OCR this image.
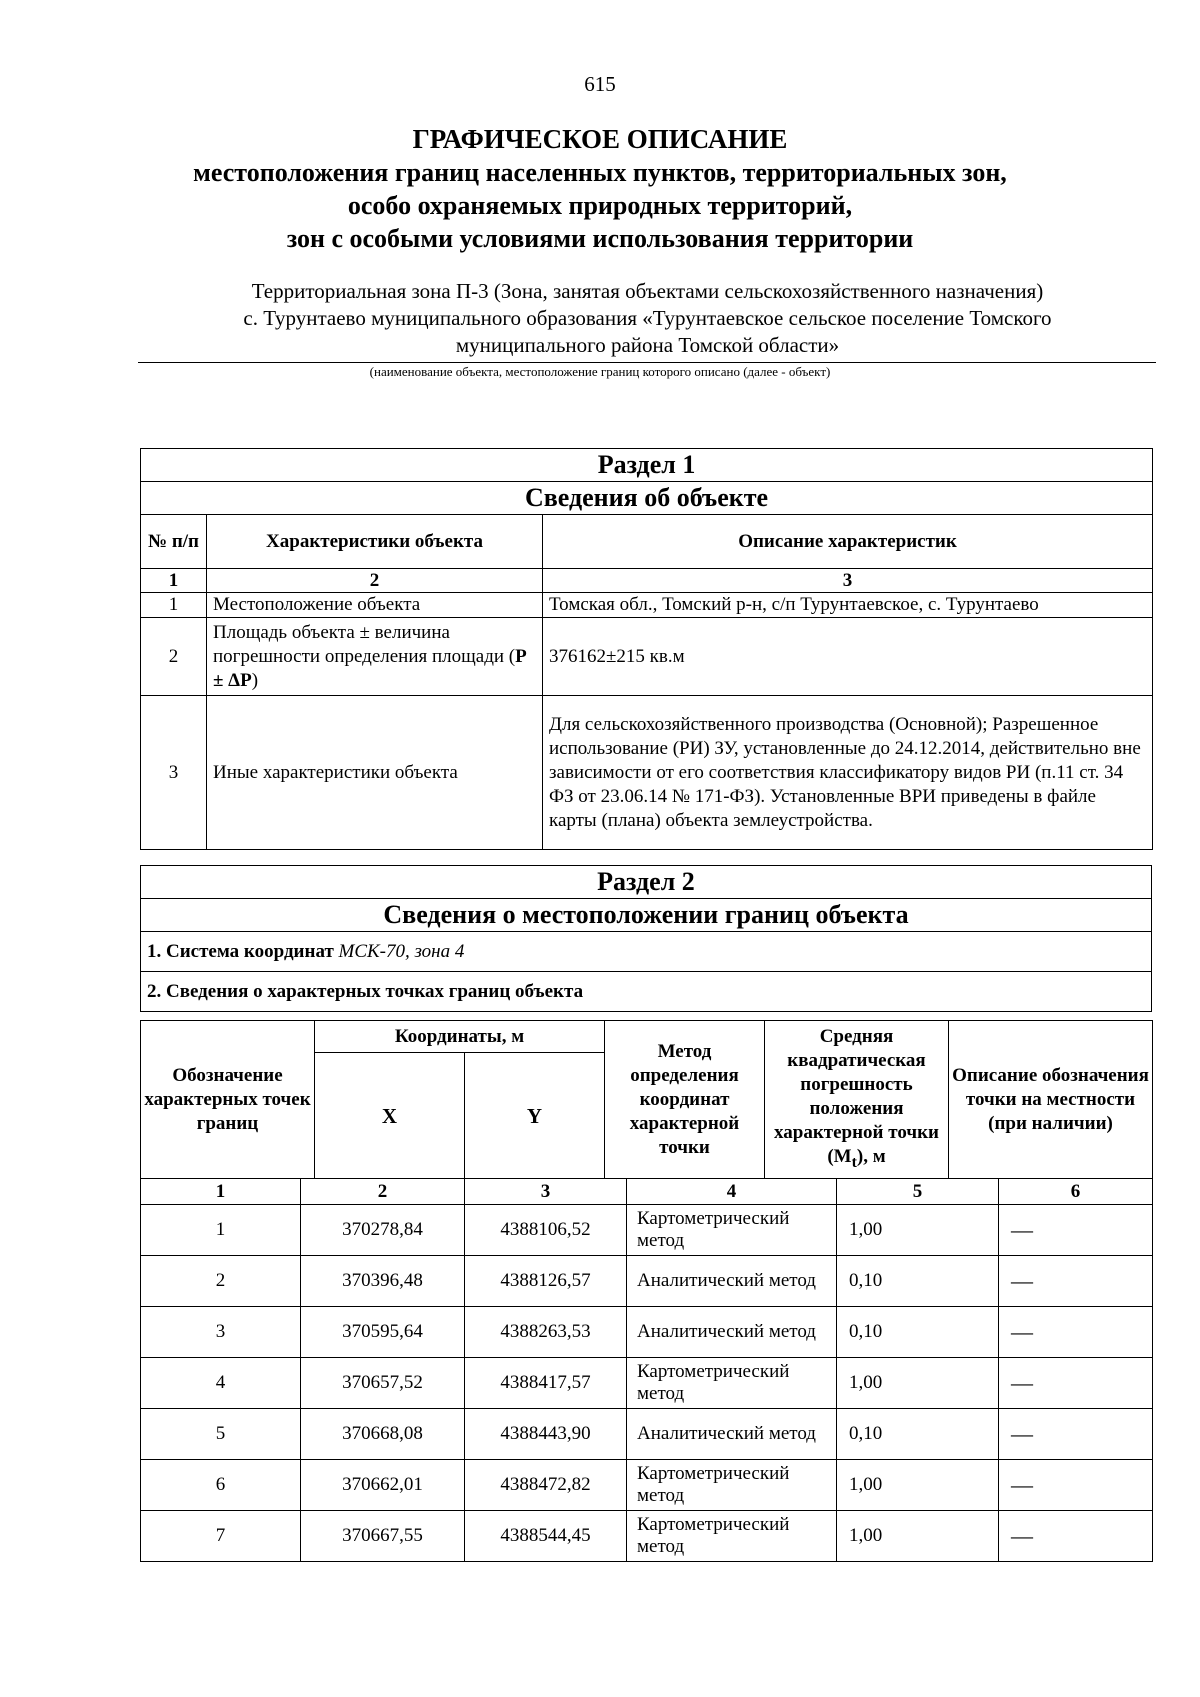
615
ГРАФИЧЕСКОЕ ОПИСАНИЕ
местоположения границ населенных пунктов, территориальных зон,
особо охраняемых природных территорий,
зон с особыми условиями использования территории
Территориальная зона П-3 (Зона, занятая объектами сельскохозяйственного назначения)
с. Турунтаево муниципального образования «Турунтаевское сельское поселение Томского
муниципального района Томской области»
(наименование объекта, местоположение границ которого описано (далее - объект)
Раздел 1		
Сведения об объекте		
№ п/п	Характеристики объекта	Описание характеристик
1	2	3
1	Местоположение объекта	Томская обл., Томский р-н, с/п Турунтаевское, с. Турунтаево
2	Площадь объекта ± величина погрешности определения площади (P ± ΔP)	376162±215 кв.м
3	Иные характеристики объекта	Для сельскохозяйственного производства (Основной); Разрешенное использование (РИ) ЗУ, установленные до 24.12.2014, действительно вне зависимости от его соответствия классификатору видов РИ (п.11 ст. 34 ФЗ от 23.06.14 № 171-ФЗ). Установленные ВРИ приведены в файле карты (плана) объекта землеустройства.
Раздел 2
Сведения о местоположении границ объекта
1. Система координат МСК-70, зона 4
2. Сведения о характерных точках границ объекта
Обозначение характерных точек границ	Координаты, м		Метод определения координат характерной точки	Средняя квадратическая погрешность положения характерной точки $(M_t)$, м	Описание обозначения точки на местности (при наличии)
	X	Y			
1	2	3	4	5	6
1	370278,84	4388106,52	Картометрический метод	1,00	—
2	370396,48	4388126,57	Аналитический метод	0,10	—
3	370595,64	4388263,53	Аналитический метод	0,10	—
4	370657,52	4388417,57	Картометрический метод	1,00	—
5	370668,08	4388443,90	Аналитический метод	0,10	—
6	370662,01	4388472,82	Картометрический метод	1,00	—
7	370667,55	4388544,45	Картометрический метод	1,00	—
